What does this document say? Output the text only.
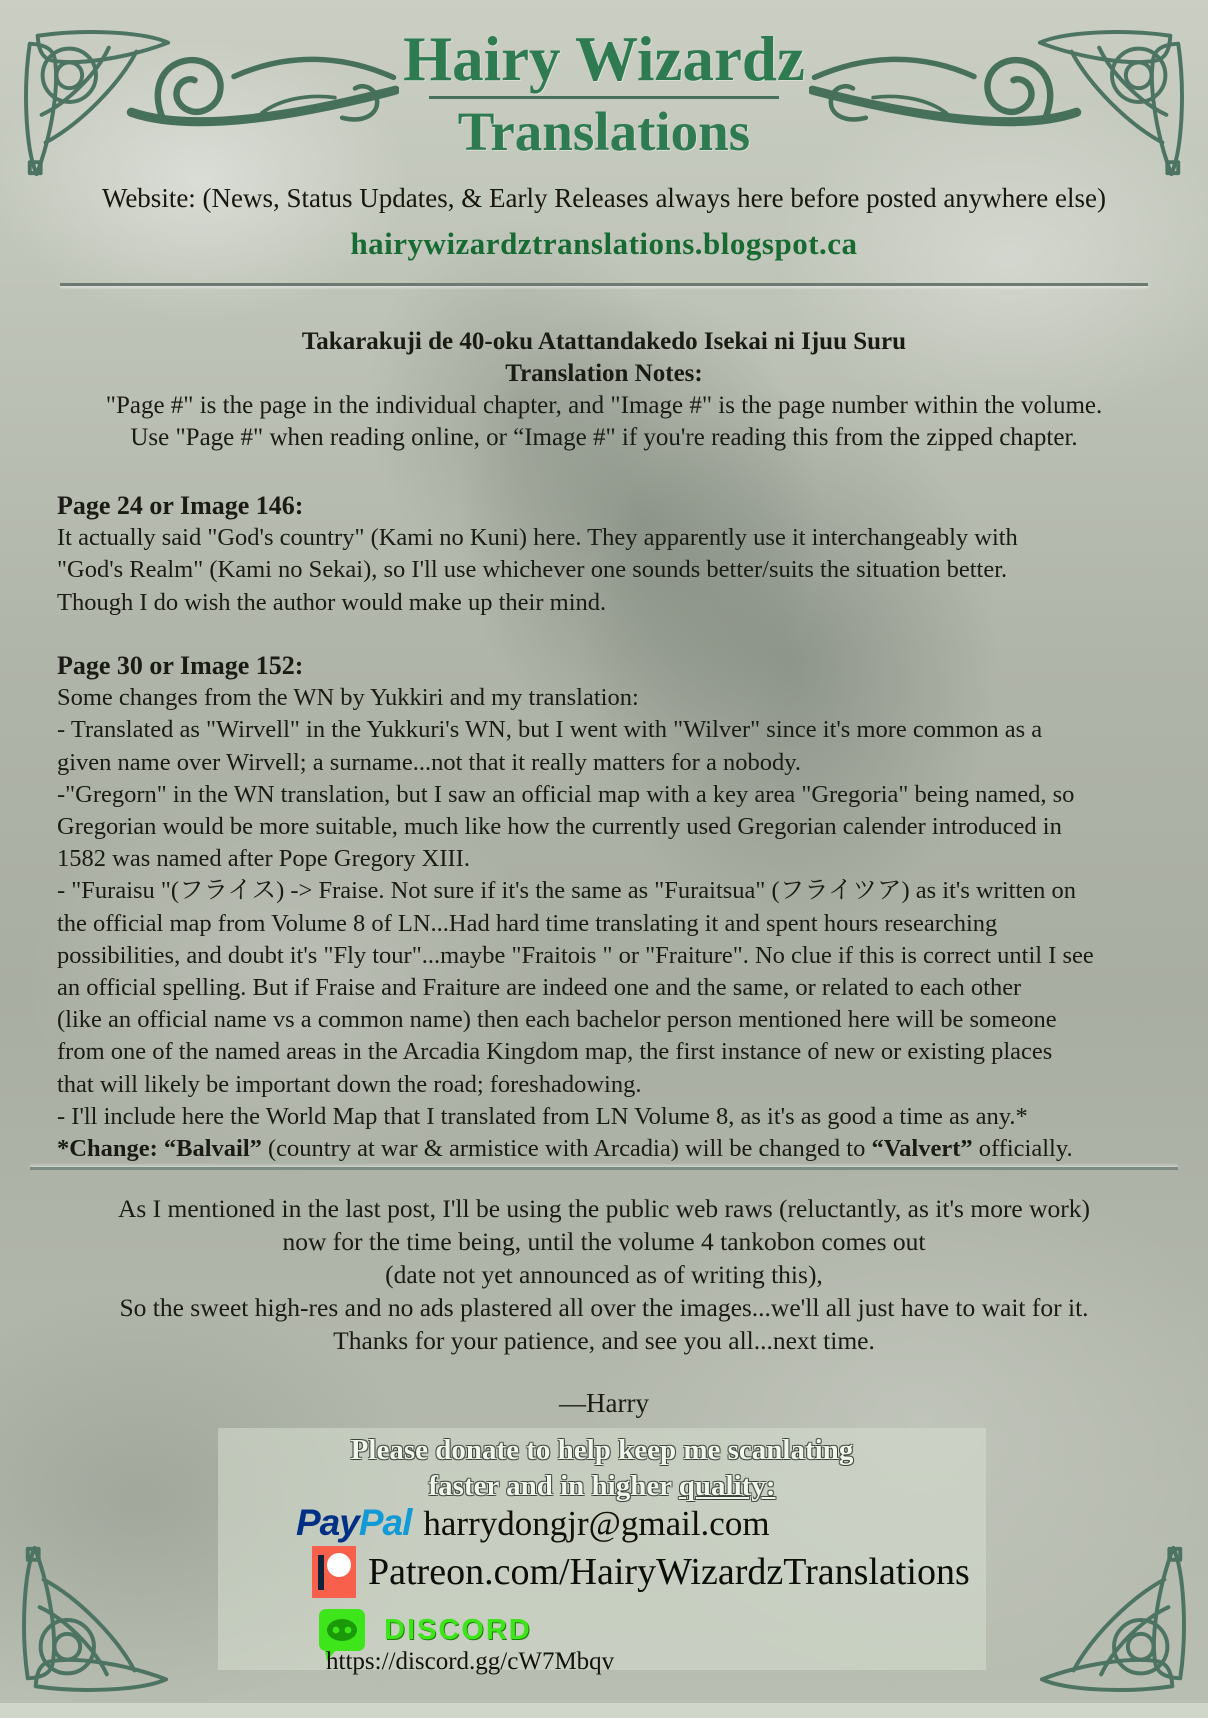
Hairy Wizardz
Translations
Website: (News, Status Updates, & Early Releases always here before posted anywhere else)
hairywizardztranslations.blogspot.ca
Takarakuji de 40-oku Atattandakedo Isekai ni Ijuu Suru
Translation Notes:
"Page #" is the page in the individual chapter, and "Image #" is the page number within the volume.
Use "Page #" when reading online, or “Image #" if you're reading this from the zipped chapter.
Page 24 or Image 146:
It actually said "God's country" (Kami no Kuni) here. They apparently use it interchangeably with
"God's Realm" (Kami no Sekai), so I'll use whichever one sounds better/suits the situation better.
Though I do wish the author would make up their mind.
Page 30 or Image 152:
Some changes from the WN by Yukkiri and my translation:
- Translated as "Wirvell" in the Yukkuri's WN, but I went with "Wilver" since it's more common as a
given name over Wirvell; a surname...not that it really matters for a nobody.
-"Gregorn" in the WN translation, but I saw an official map with a key area "Gregoria" being named, so
Gregorian would be more suitable, much like how the currently used Gregorian calender introduced in
1582 was named after Pope Gregory XIII.
- "Furaisu "(フライス) -> Fraise. Not sure if it's the same as "Furaitsua" (フライツア) as it's written on
the official map from Volume 8 of LN...Had hard time translating it and spent hours researching
possibilities, and doubt it's "Fly tour"...maybe "Fraitois " or "Fraiture". No clue if this is correct until I see
an official spelling. But if Fraise and Fraiture are indeed one and the same, or related to each other
(like an official name vs a common name) then each bachelor person mentioned here will be someone
from one of the named areas in the Arcadia Kingdom map, the first instance of new or existing places
that will likely be important down the road; foreshadowing.
- I'll include here the World Map that I translated from LN Volume 8, as it's as good a time as any.*
*Change: “Balvail” (country at war & armistice with Arcadia) will be changed to “Valvert” officially.
As I mentioned in the last post, I'll be using the public web raws (reluctantly, as it's more work)
now for the time being, until the volume 4 tankobon comes out
(date not yet announced as of writing this),
So the sweet high-res and no ads plastered all over the images...we'll all just have to wait for it.
Thanks for your patience, and see you all...next time.
—Harry
Please donate to help keep me scanlating
faster and in higher quality:
Pay Pal harrydongjr@gmail.com
Patreon.com/HairyWizardzTranslations
DISCORD
https://discord.gg/cW7Mbqv
